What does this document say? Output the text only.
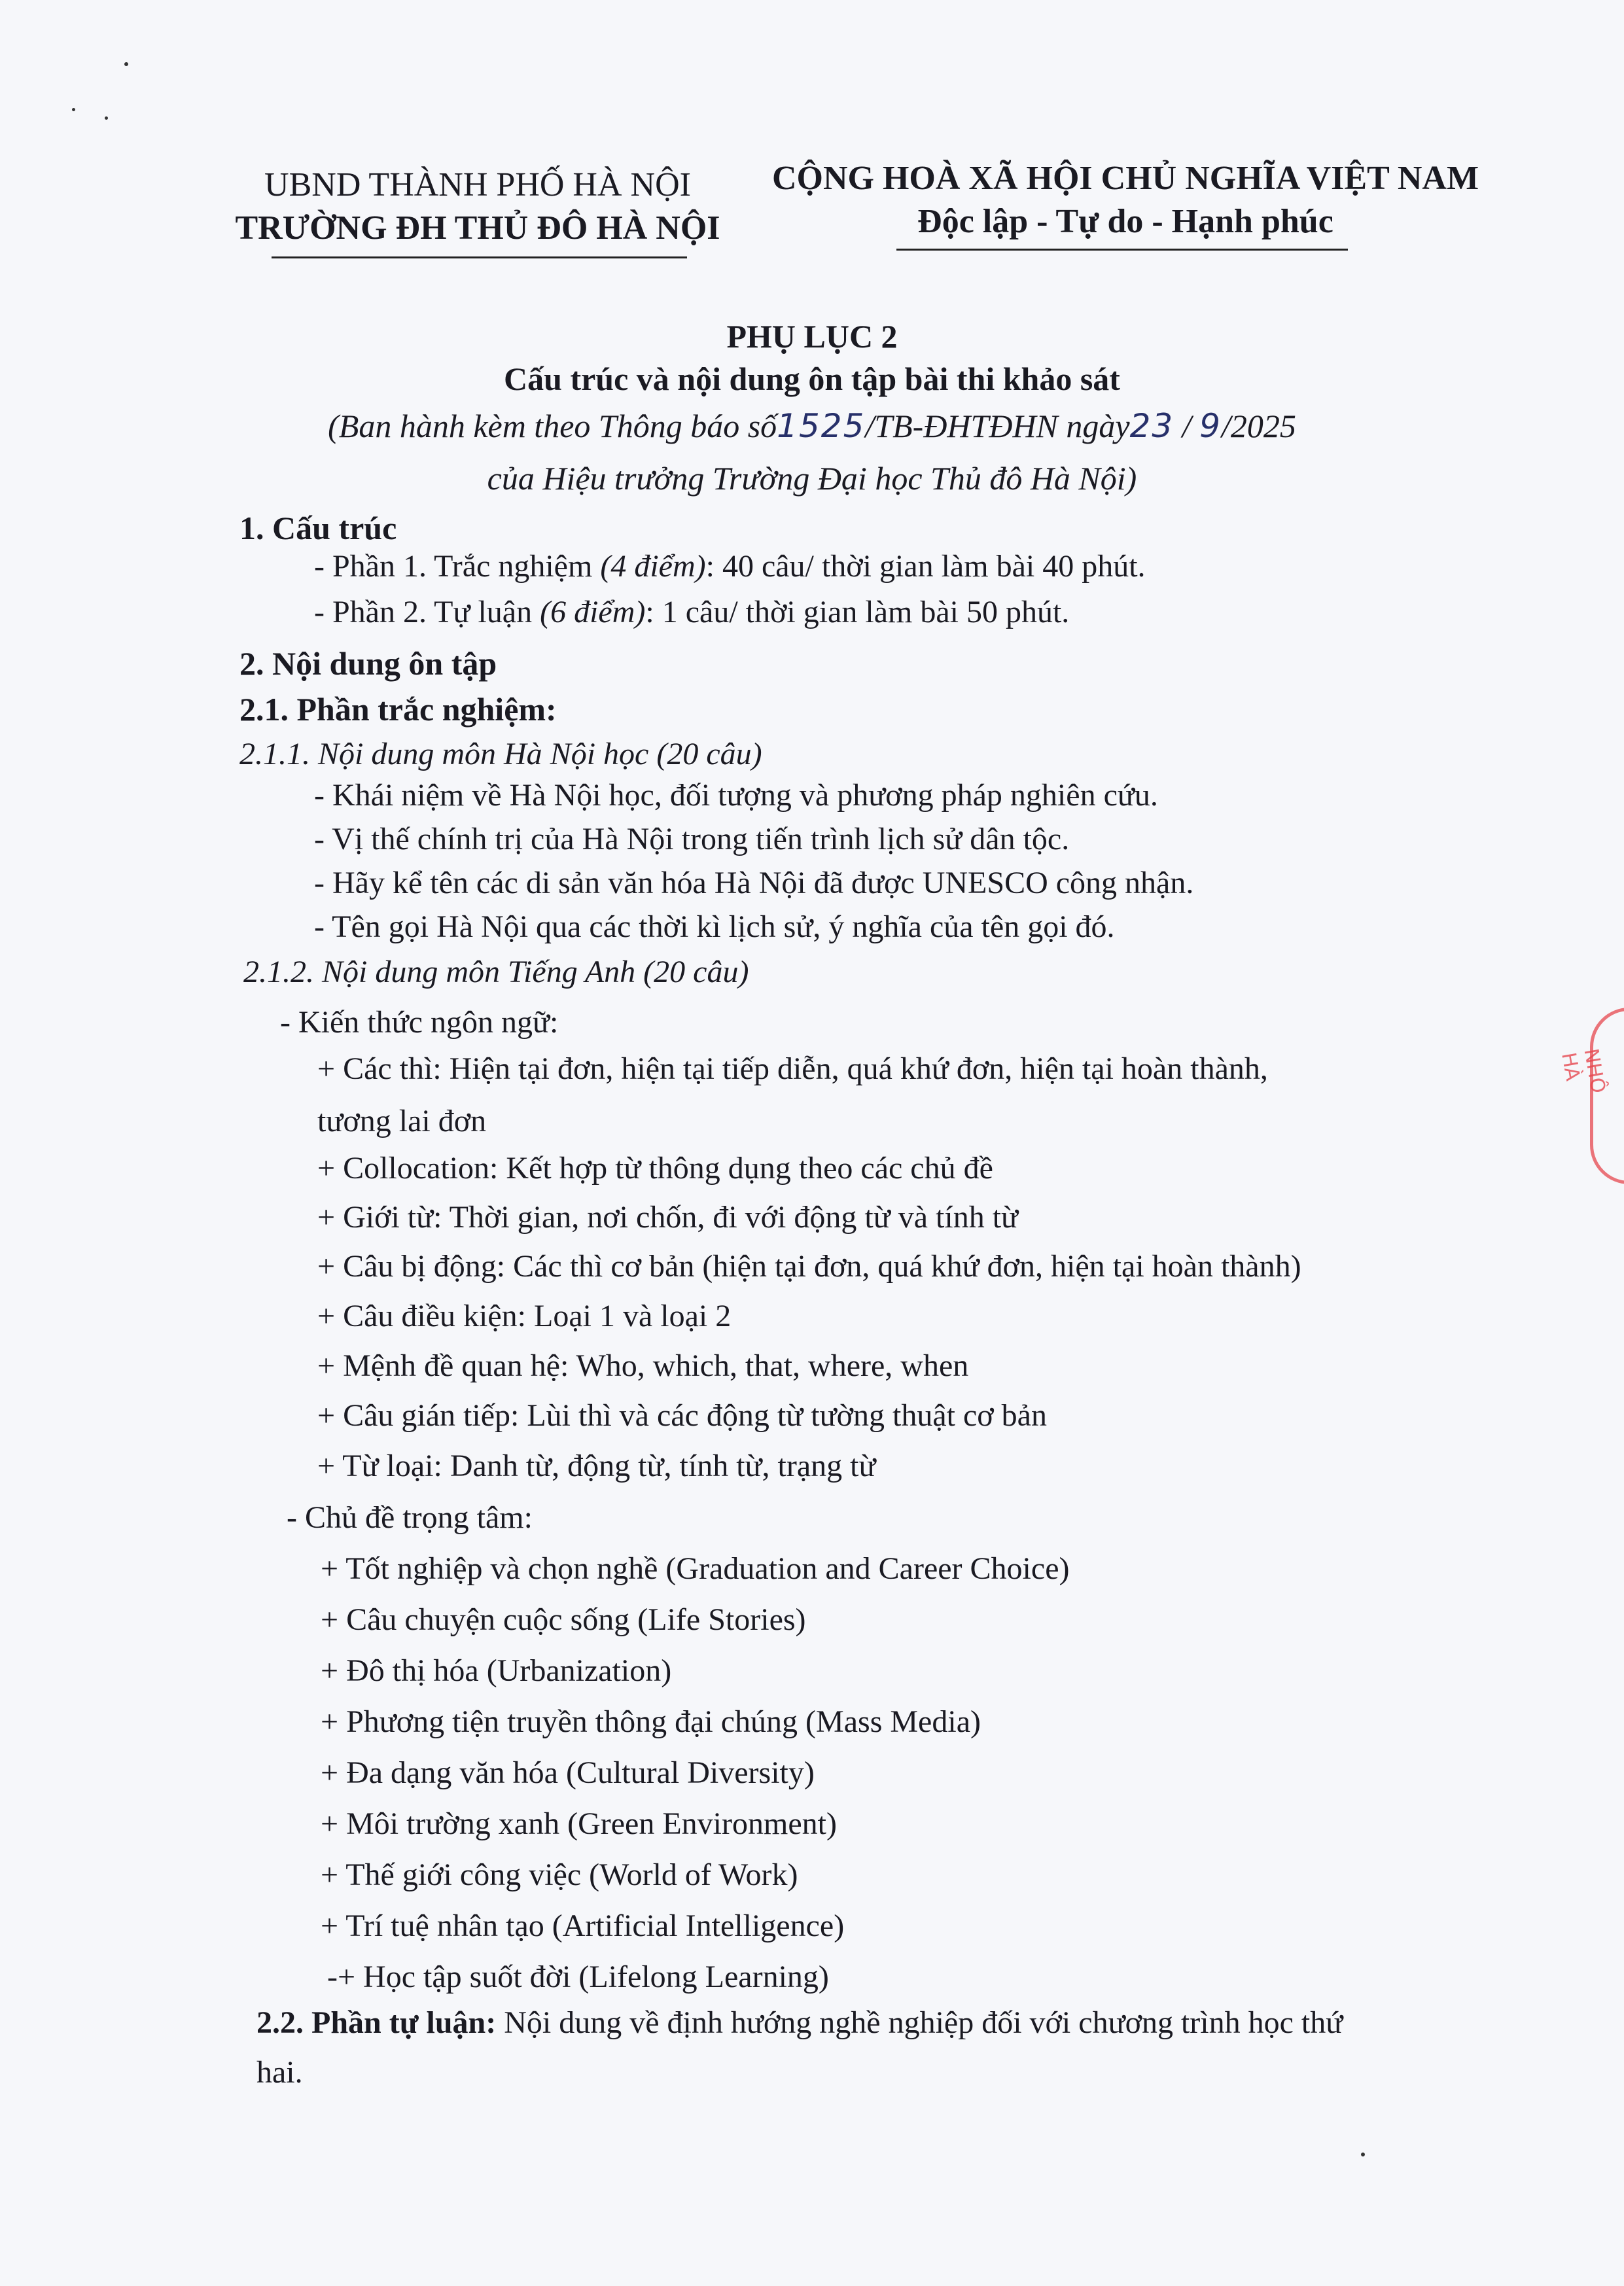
UBND THÀNH PHỐ HÀ NỘI
TRƯỜNG ĐH THỦ ĐÔ HÀ NỘI
CỘNG HOÀ XÃ HỘI CHỦ NGHĨA VIỆT NAM
Độc lập - Tự do - Hạnh phúc
PHỤ LỤC 2
Cấu trúc và nội dung ôn tập bài thi khảo sát
(Ban hành kèm theo Thông báo số1525/TB-ĐHTĐHN ngày23 / 9/2025
của Hiệu trưởng Trường Đại học Thủ đô Hà Nội)
1. Cấu trúc
- Phần 1. Trắc nghiệm (4 điểm): 40 câu/ thời gian làm bài 40 phút.
- Phần 2. Tự luận (6 điểm): 1 câu/ thời gian làm bài 50 phút.
2. Nội dung ôn tập
2.1. Phần trắc nghiệm:
2.1.1. Nội dung môn Hà Nội học (20 câu)
- Khái niệm về Hà Nội học, đối tượng và phương pháp nghiên cứu.
- Vị thế chính trị của Hà Nội trong tiến trình lịch sử dân tộc.
- Hãy kể tên các di sản văn hóa Hà Nội đã được UNESCO công nhận.
- Tên gọi Hà Nội qua các thời kì lịch sử, ý nghĩa của tên gọi đó.
2.1.2. Nội dung môn Tiếng Anh (20 câu)
- Kiến thức ngôn ngữ:
+ Các thì: Hiện tại đơn, hiện tại tiếp diễn, quá khứ đơn, hiện tại hoàn thành,
tương lai đơn
+ Collocation: Kết hợp từ thông dụng theo các chủ đề
+ Giới từ: Thời gian, nơi chốn, đi với động từ và tính từ
+ Câu bị động: Các thì cơ bản (hiện tại đơn, quá khứ đơn, hiện tại hoàn thành)
+ Câu điều kiện: Loại 1 và loại 2
+ Mệnh đề quan hệ: Who, which, that, where, when
+ Câu gián tiếp: Lùi thì và các động từ tường thuật cơ bản
+ Từ loại: Danh từ, động từ, tính từ, trạng từ
- Chủ đề trọng tâm:
+ Tốt nghiệp và chọn nghề (Graduation and Career Choice)
+ Câu chuyện cuộc sống (Life Stories)
+ Đô thị hóa (Urbanization)
+ Phương tiện truyền thông đại chúng (Mass Media)
+ Đa dạng văn hóa (Cultural Diversity)
+ Môi trường xanh (Green Environment)
+ Thế giới công việc (World of Work)
+ Trí tuệ nhân tạo (Artificial Intelligence)
-+ Học tập suốt đời (Lifelong Learning)
2.2. Phần tự luận: Nội dung về định hướng nghề nghiệp đối với chương trình học thứ
hai.
NHÔ HÀ
